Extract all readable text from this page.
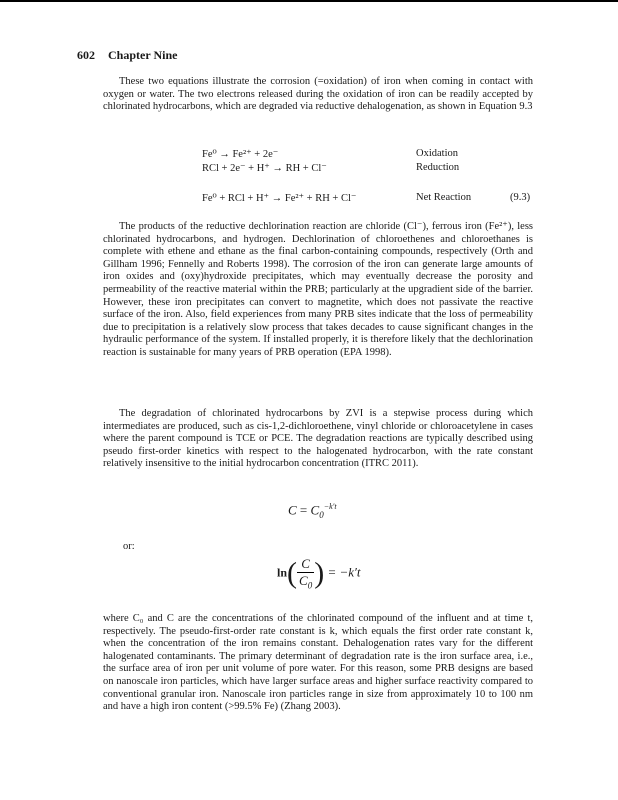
602 Chapter Nine

These two equations illustrate the corrosion (=oxidation) of iron when coming in contact with oxygen or water. The two electrons released during the oxidation of iron can be readily accepted by chlorinated hydrocarbons, which are degraded via reductive dehalogenation, as shown in Equation 9.3

Fe⁰ → Fe²⁺ + 2e⁻	Oxidation
RCl + 2e⁻ + H⁺ → RH + Cl⁻	Reduction
Fe⁰ + RCl + H⁺ → Fe²⁺ + RH + Cl⁻	Net Reaction	(9.3)

The products of the reductive dechlorination reaction are chloride (Cl⁻), ferrous iron (Fe²⁺), less chlorinated hydrocarbons, and hydrogen. Dechlorination of chloroethenes and chloroethanes is complete with ethene and ethane as the final carbon-containing compounds, respectively (Orth and Gillham 1996; Fennelly and Roberts 1998). The corrosion of the iron can generate large amounts of iron oxides and (oxy)hydroxide precipitates, which may eventually decrease the porosity and permeability of the reactive material within the PRB; particularly at the upgradient side of the barrier. However, these iron precipitates can convert to magnetite, which does not passivate the reactive surface of the iron. Also, field experiences from many PRB sites indicate that the loss of permeability due to precipitation is a relatively slow process that takes decades to cause significant changes in the hydraulic performance of the system. If installed properly, it is therefore likely that the dechlorination reaction is sustainable for many years of PRB operation (EPA 1998).

The degradation of chlorinated hydrocarbons by ZVI is a stepwise process during which intermediates are produced, such as cis-1,2-dichloroethene, vinyl chloride or chloroacetylene in cases where the parent compound is TCE or PCE. The degradation reactions are typically described using pseudo first-order kinetics with respect to the halogenated hydrocarbon, with the rate constant relatively insensitive to the initial hydrocarbon concentration (ITRC 2011).

$C = C_0^{-k't}$
or:
$\ln( \frac{C}{C_0}$ ) = −k′t

where C₀ and C are the concentrations of the chlorinated compound of the influent and at time t, respectively. The pseudo-first-order rate constant is k, which equals the first order rate constant k, when the concentration of the iron remains constant. Dehalogenation rates vary for the different halogenated contaminants. The primary determinant of degradation rate is the iron surface area, i.e., the surface area of iron per unit volume of pore water. For this reason, some PRB designs are based on nanoscale iron particles, which have larger surface areas and higher surface reactivity compared to conventional granular iron. Nanoscale iron particles range in size from approximately 10 to 100 nm and have a high iron content (>99.5% Fe) (Zhang 2003).
